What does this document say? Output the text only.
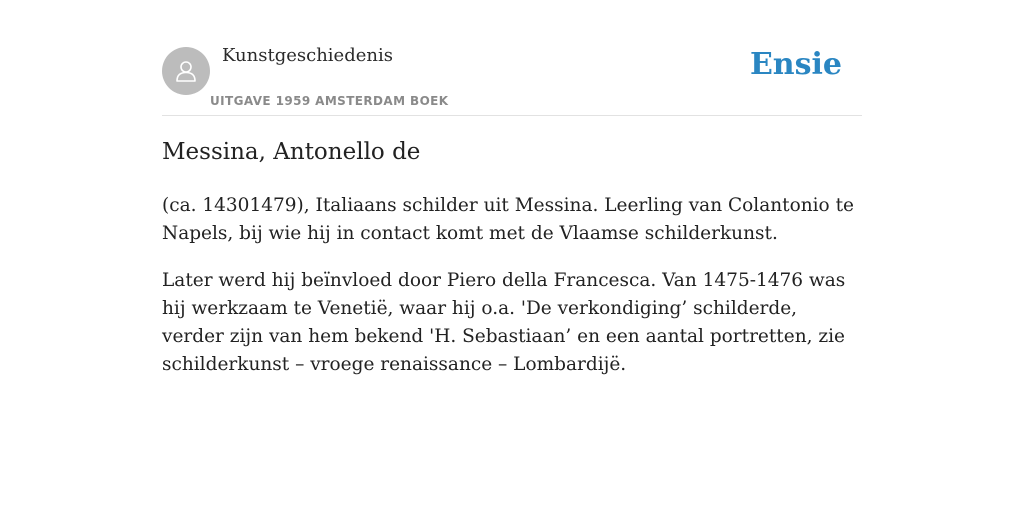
Kunstgeschiedenis
UITGAVE 1959 AMSTERDAM BOEK
Ensie
Messina, Antonello de

(ca. 14301479), Italiaans schilder uit Messina. Leerling van Colantonio te Napels, bij wie hij in contact komt met de Vlaamse schilderkunst.

Later werd hij beïnvloed door Piero della Francesca. Van 1475-1476 was hij werkzaam te Venetië, waar hij o.a. 'De verkondiging’ schilderde, verder zijn van hem bekend 'H. Sebastiaan’ en een aantal portretten, zie schilderkunst – vroege renaissance – Lombardijë.
